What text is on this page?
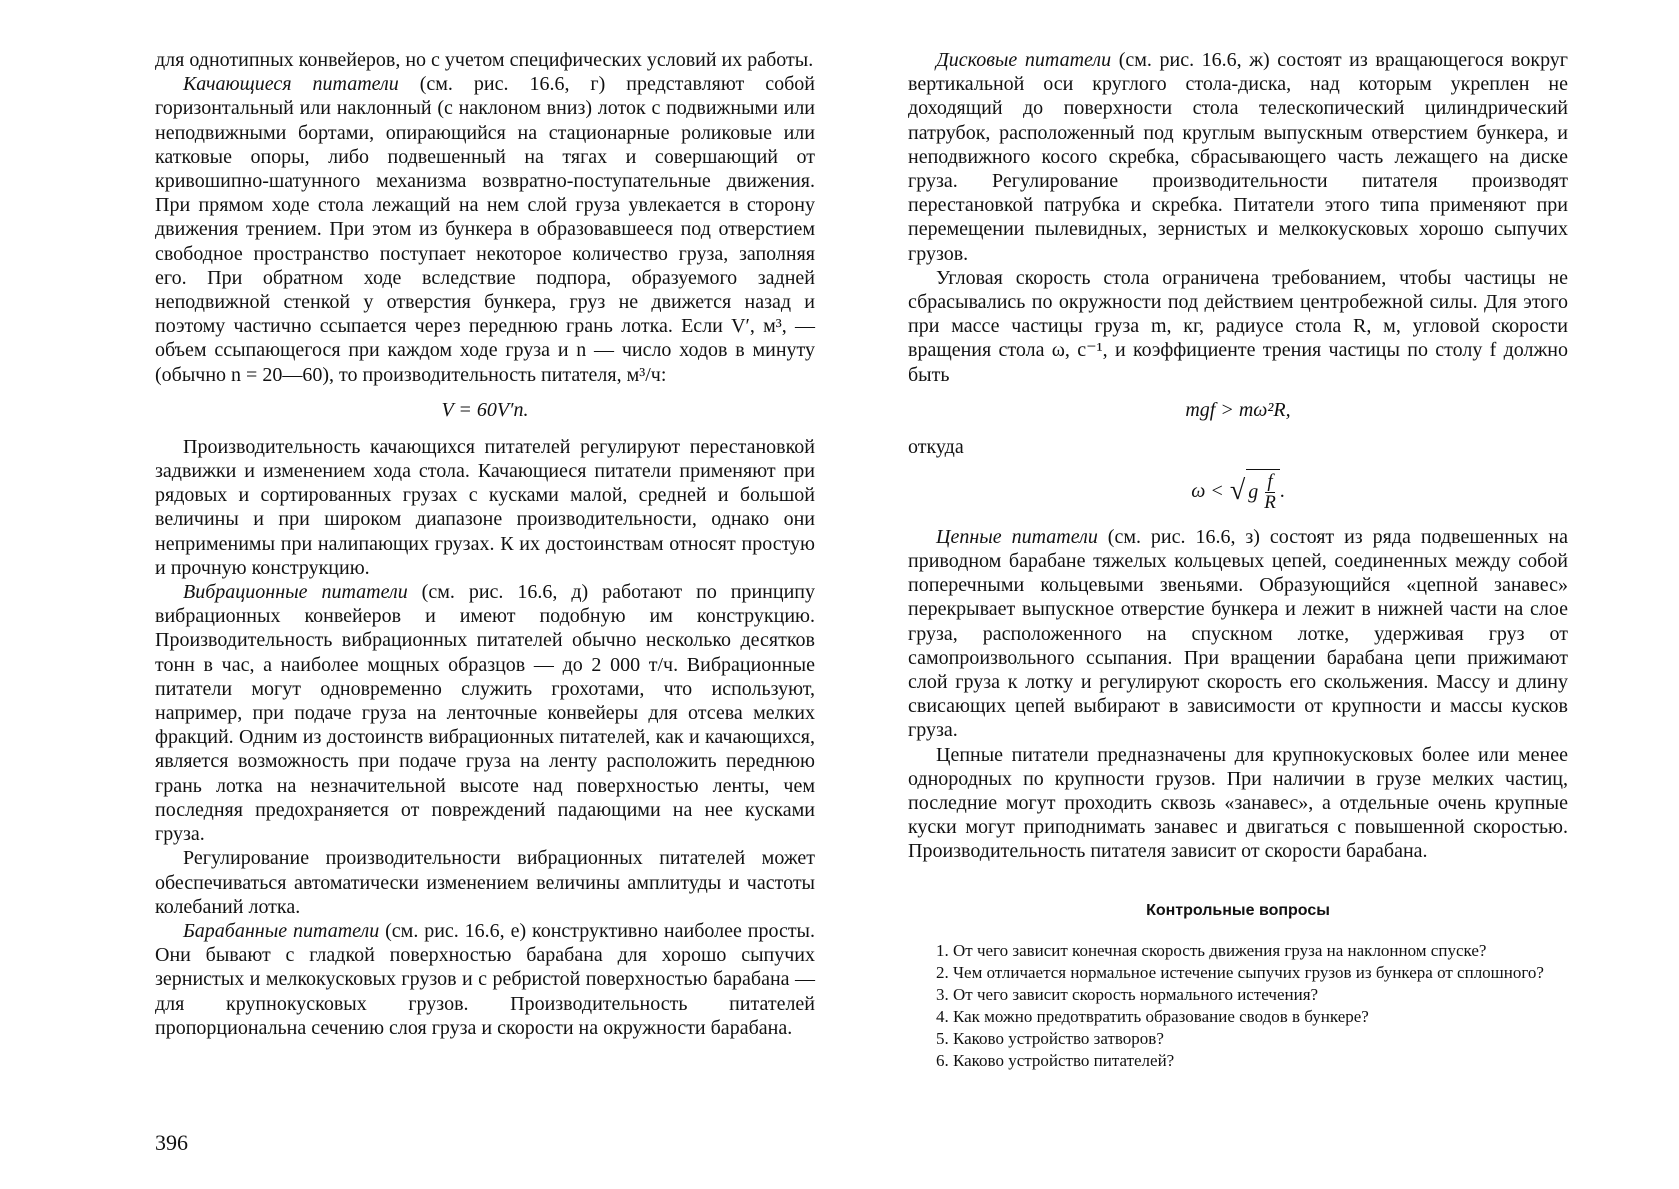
для однотипных конвейеров, но с учетом специфических условий их работы.

Качающиеся питатели (см. рис. 16.6, г) представляют собой горизонтальный или наклонный (с наклоном вниз) лоток с подвижными или неподвижными бортами, опирающийся на стационарные роликовые или катковые опоры, либо подвешенный на тягах и совершающий от кривошипно-шатунного механизма возвратно-поступательные движения. При прямом ходе стола лежащий на нем слой груза увлекается в сторону движения трением. При этом из бункера в образовавшееся под отверстием свободное пространство поступает некоторое количество груза, заполняя его. При обратном ходе вследствие подпора, образуемого задней неподвижной стенкой у отверстия бункера, груз не движется назад и поэтому частично ссыпается через переднюю грань лотка. Если V′, м³, — объем ссыпающегося при каждом ходе груза и n — число ходов в минуту (обычно n = 20—60), то производительность питателя, м³/ч:

V = 60V′n.

Производительность качающихся питателей регулируют перестановкой задвижки и изменением хода стола. Качающиеся питатели применяют при рядовых и сортированных грузах с кусками малой, средней и большой величины и при широком диапазоне производительности, однако они неприменимы при налипающих грузах. К их достоинствам относят простую и прочную конструкцию.

Вибрационные питатели (см. рис. 16.6, д) работают по принципу вибрационных конвейеров и имеют подобную им конструкцию. Производительность вибрационных питателей обычно несколько десятков тонн в час, а наиболее мощных образцов — до 2 000 т/ч. Вибрационные питатели могут одновременно служить грохотами, что используют, например, при подаче груза на ленточные конвейеры для отсева мелких фракций. Одним из достоинств вибрационных питателей, как и качающихся, является возможность при подаче груза на ленту расположить переднюю грань лотка на незначительной высоте над поверхностью ленты, чем последняя предохраняется от повреждений падающими на нее кусками груза.

Регулирование производительности вибрационных питателей может обеспечиваться автоматически изменением величины амплитуды и частоты колебаний лотка.

Барабанные питатели (см. рис. 16.6, е) конструктивно наиболее просты. Они бывают с гладкой поверхностью барабана для хорошо сыпучих зернистых и мелкокусковых грузов и с ребристой поверхностью барабана — для крупнокусковых грузов. Производительность питателей пропорциональна сечению слоя груза и скорости на окружности барабана.

396

Дисковые питатели (см. рис. 16.6, ж) состоят из вращающегося вокруг вертикальной оси круглого стола-диска, над которым укреплен не доходящий до поверхности стола телескопический цилиндрический патрубок, расположенный под круглым выпускным отверстием бункера, и неподвижного косого скребка, сбрасывающего часть лежащего на диске груза. Регулирование производительности питателя производят перестановкой патрубка и скребка. Питатели этого типа применяют при перемещении пылевидных, зернистых и мелкокусковых хорошо сыпучих грузов.

Угловая скорость стола ограничена требованием, чтобы частицы не сбрасывались по окружности под действием центробежной силы. Для этого при массе частицы груза m, кг, радиусе стола R, м, угловой скорости вращения стола ω, с⁻¹, и коэффициенте трения частицы по столу f должно быть

mgf > mω²R,

откуда

ω < √ g $\frac{f}{R}$ .

Цепные питатели (см. рис. 16.6, з) состоят из ряда подвешенных на приводном барабане тяжелых кольцевых цепей, соединенных между собой поперечными кольцевыми звеньями. Образующийся «цепной занавес» перекрывает выпускное отверстие бункера и лежит в нижней части на слое груза, расположенного на спускном лотке, удерживая груз от самопроизвольного ссыпания. При вращении барабана цепи прижимают слой груза к лотку и регулируют скорость его скольжения. Массу и длину свисающих цепей выбирают в зависимости от крупности и массы кусков груза.

Цепные питатели предназначены для крупнокусковых более или менее однородных по крупности грузов. При наличии в грузе мелких частиц, последние могут проходить сквозь «занавес», а отдельные очень крупные куски могут приподнимать занавес и двигаться с повышенной скоростью. Производительность питателя зависит от скорости барабана.

Контрольные вопросы

1. От чего зависит конечная скорость движения груза на наклонном спуске?

2. Чем отличается нормальное истечение сыпучих грузов из бункера от сплошного?

3. От чего зависит скорость нормального истечения?

4. Как можно предотвратить образование сводов в бункере?

5. Каково устройство затворов?

6. Каково устройство питателей?
